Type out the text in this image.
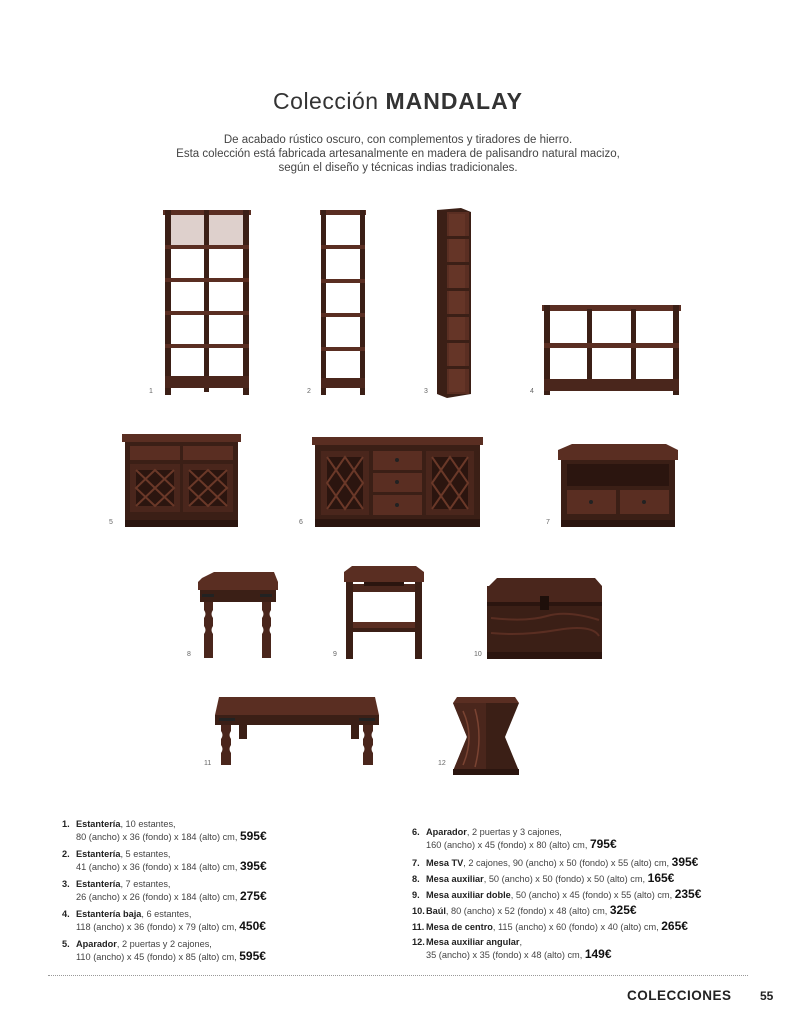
Colección MANDALAY
De acabado rústico oscuro, con complementos y tiradores de hierro.
Esta colección está fabricada artesanalmente en madera de palisandro natural macizo,
según el diseño y técnicas indias tradicionales.
1	2	3	4
5	6	7
8	9	10
11	12
1. Estantería, 10 estantes,
80 (ancho) x 36 (fondo) x 184 (alto) cm, 595€
2. Estantería, 5 estantes,
41 (ancho) x 36 (fondo) x 184 (alto) cm, 395€
3. Estantería, 7 estantes,
26 (ancho) x 26 (fondo) x 184 (alto) cm, 275€
4. Estantería baja, 6 estantes,
118 (ancho) x 36 (fondo) x 79 (alto) cm, 450€
5. Aparador, 2 puertas y 2 cajones,
110 (ancho) x 45 (fondo) x 85 (alto) cm, 595€
6. Aparador, 2 puertas y 3 cajones,
160 (ancho) x 45 (fondo) x 80 (alto) cm, 795€
7. Mesa TV, 2 cajones, 90 (ancho) x 50 (fondo) x 55 (alto) cm, 395€
8. Mesa auxiliar, 50 (ancho) x 50 (fondo) x 50 (alto) cm, 165€
9. Mesa auxiliar doble, 50 (ancho) x 45 (fondo) x 55 (alto) cm, 235€
10.Baúl, 80 (ancho) x 52 (fondo) x 48 (alto) cm, 325€
11. Mesa de centro, 115 (ancho) x 60 (fondo) x 40 (alto) cm, 265€
12.Mesa auxiliar angular,
35 (ancho) x 35 (fondo) x 48 (alto) cm, 149€
COLECCIONES 55
